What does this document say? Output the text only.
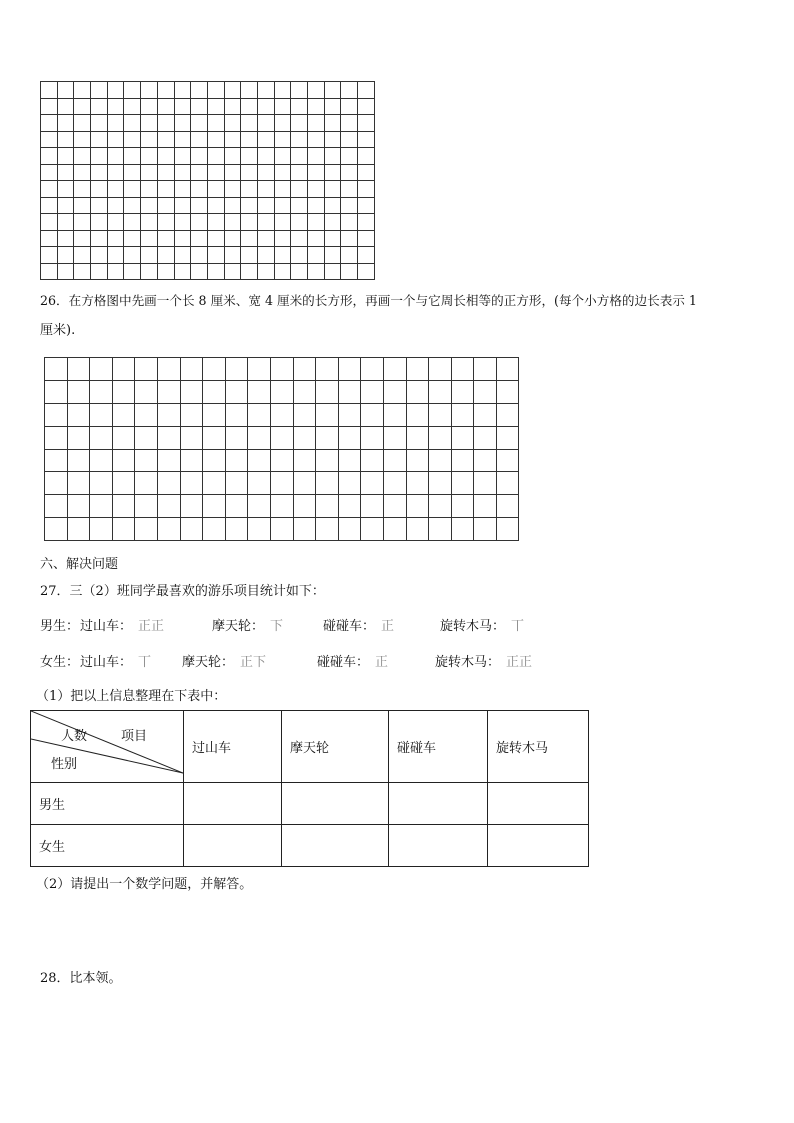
26．在方格图中先画一个长 8 厘米、宽 4 厘米的长方形，再画一个与它周长相等的正方形，(每个小方格的边长表示 1
厘米).

六、解决问题
27．三（2）班同学最喜欢的游乐项目统计如下：
男生： 过山车： 正正	摩天轮： 下	碰碰车： 正	旋转木马： 丅
女生： 过山车： 丅 摩天轮： 正下	碰碰车： 正	旋转木马： 正正
（1）把以上信息整理在下表中：
人数 项目
性别	过山车	摩天轮	碰碰车	旋转木马
男生				
女生				
（2）请提出一个数学问题，并解答。
28．比本领。
